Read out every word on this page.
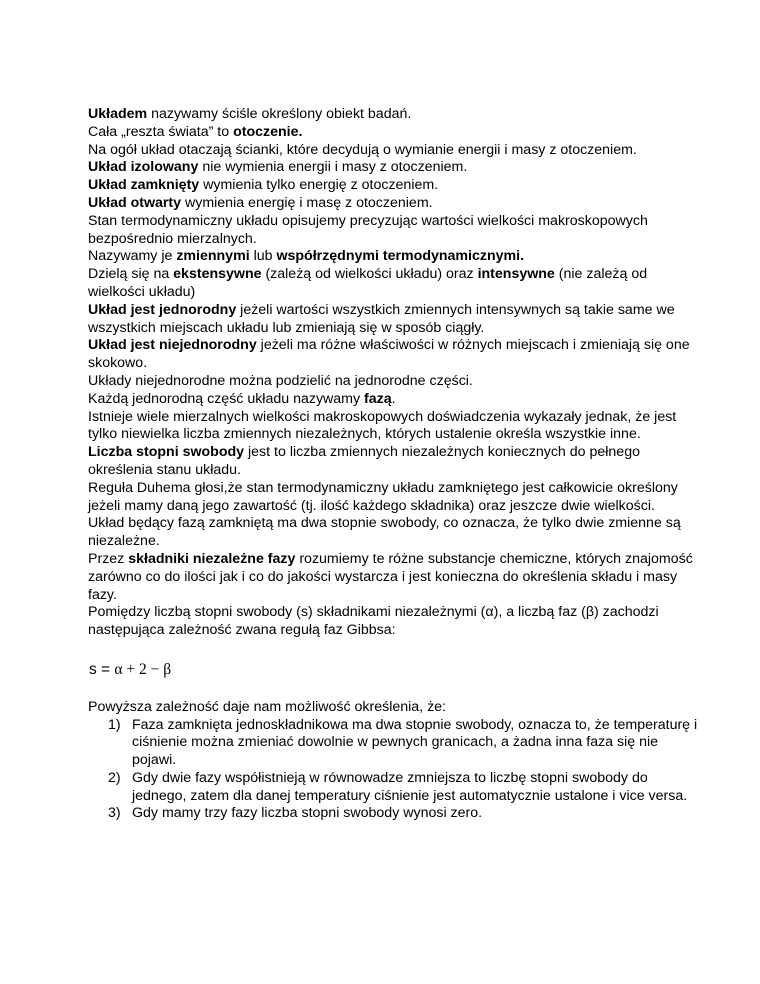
Układem nazywamy ściśle określony obiekt badań.

Cała „reszta świata” to otoczenie.

Na ogół układ otaczają ścianki, które decydują o wymianie energii i masy z otoczeniem.

Układ izolowany nie wymienia energii i masy z otoczeniem.

Układ zamknięty wymienia tylko energię z otoczeniem.

Układ otwarty wymienia energię i masę z otoczeniem.

Stan termodynamiczny układu opisujemy precyzując wartości wielkości makroskopowych bezpośrednio mierzalnych.

Nazywamy je zmiennymi lub współrzędnymi termodynamicznymi.

Dzielą się na ekstensywne (zależą od wielkości układu) oraz intensywne (nie zależą od wielkości układu)

Układ jest jednorodny jeżeli wartości wszystkich zmiennych intensywnych są takie same we wszystkich miejscach układu lub zmieniają się w sposób ciągły.

Układ jest niejednorodny jeżeli ma różne właściwości w różnych miejscach i zmieniają się one skokowo.

Układy niejednorodne można podzielić na jednorodne części.

Każdą jednorodną część układu nazywamy fazą.

Istnieje wiele mierzalnych wielkości makroskopowych doświadczenia wykazały jednak, że jest tylko niewielka liczba zmiennych niezależnych, których ustalenie określa wszystkie inne.

Liczba stopni swobody jest to liczba zmiennych niezależnych koniecznych do pełnego określenia stanu układu.

Reguła Duhema głosi,że stan termodynamiczny układu zamkniętego jest całkowicie określony jeżeli mamy daną jego zawartość (tj. ilość każdego składnika) oraz jeszcze dwie wielkości.

Układ będący fazą zamkniętą ma dwa stopnie swobody, co oznacza, że tylko dwie zmienne są niezależne.

Przez składniki niezależne fazy rozumiemy te różne substancje chemiczne, których znajomość zarówno co do ilości jak i co do jakości wystarcza i jest konieczna do określenia składu i masy fazy.

Pomiędzy liczbą stopni swobody (s) składnikami niezależnymi (α), a liczbą faz (β) zachodzi następująca zależność zwana regułą faz Gibbsa:

s = α + 2 − β

Powyższa zależność daje nam możliwość określenia, że:

1) Faza zamknięta jednoskładnikowa ma dwa stopnie swobody, oznacza to, że temperaturę i ciśnienie można zmieniać dowolnie w pewnych granicach, a żadna inna faza się nie pojawi.
2) Gdy dwie fazy współistnieją w równowadze zmniejsza to liczbę stopni swobody do jednego, zatem dla danej temperatury ciśnienie jest automatycznie ustalone i vice versa.
3) Gdy mamy trzy fazy liczba stopni swobody wynosi zero.
